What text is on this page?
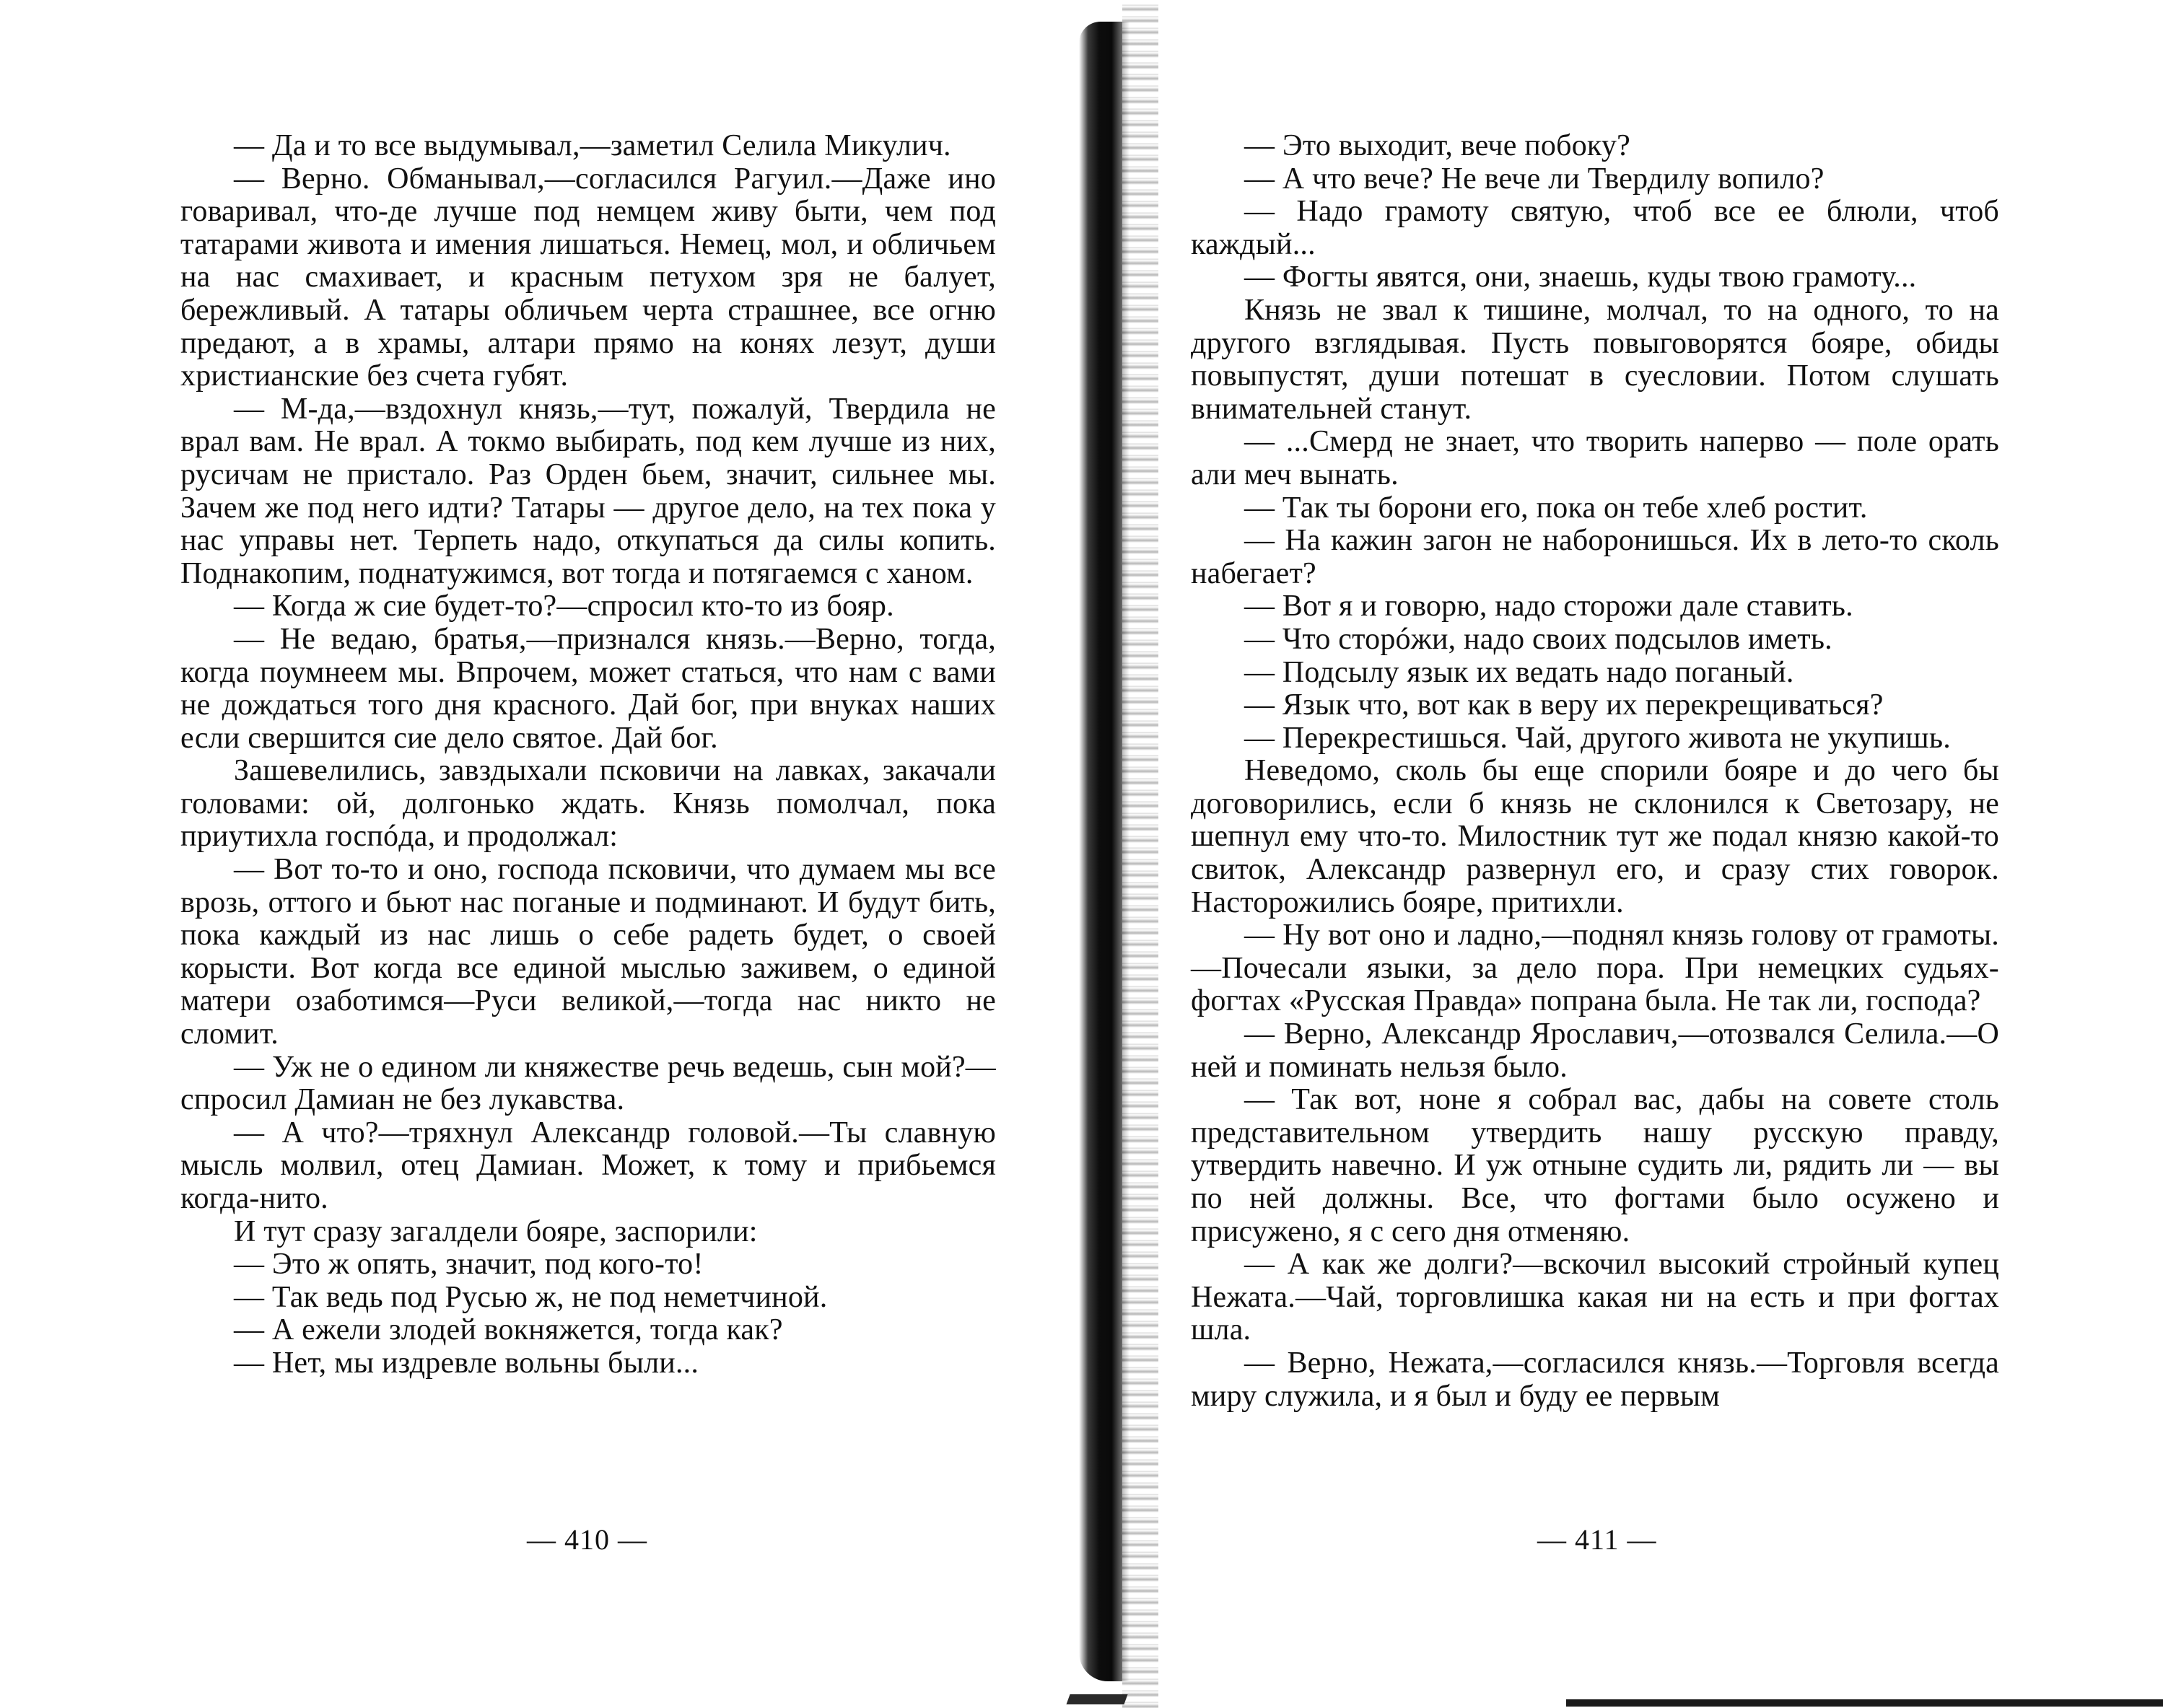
— Да и то все выдумывал,—заметил Селила Микулич.

— Верно. Обманывал,—согласился Рагуил.—Даже ино говаривал, что-де лучше под немцем живу быти, чем под татарами живота и имения лишаться. Немец, мол, и обличьем на нас смахивает, и красным петухом зря не балует, бережливый. А татары обличьем черта страшнее, все огню предают, а в храмы, алтари прямо на конях лезут, души христианские без счета губят.

— М-да,—вздохнул князь,—тут, пожалуй, Твердила не врал вам. Не врал. А токмо выбирать, под кем лучше из них, русичам не пристало. Раз Орден бьем, значит, сильнее мы. Зачем же под него идти? Татары — другое дело, на тех пока у нас управы нет. Терпеть надо, откупаться да силы копить. Поднакопим, поднатужимся, вот тогда и потягаемся с ханом.

— Когда ж сие будет-то?—спросил кто-то из бояр.

— Не ведаю, братья,—признался князь.—Верно, тогда, когда поумнеем мы. Впрочем, может статься, что нам с вами не дождаться того дня красного. Дай бог, при внуках наших если свершится сие дело святое. Дай бог.

Зашевелились, завздыхали псковичи на лавках, закачали головами: ой, долгонько ждать. Князь помолчал, пока приутихла госпóда, и продолжал:

— Вот то-то и оно, господа псковичи, что думаем мы все врозь, оттого и бьют нас поганые и подминают. И будут бить, пока каждый из нас лишь о себе радеть будет, о своей корысти. Вот когда все единой мыслью заживем, о единой матери озаботимся—Руси великой,—тогда нас никто не сломит.

— Уж не о едином ли княжестве речь ведешь, сын мой?—спросил Дамиан не без лукавства.

— А что?—тряхнул Александр головой.—Ты славную мысль молвил, отец Дамиан. Может, к тому и прибьемся когда-нито.

И тут сразу загалдели бояре, заспорили:

— Это ж опять, значит, под кого-то!

— Так ведь под Русью ж, не под неметчиной.

— А ежели злодей вокняжется, тогда как?

— Нет, мы издревле вольны были...

— 410 —

— Это выходит, вече побоку?

— А что вече? Не вече ли Твердилу вопило?

— Надо грамоту святую, чтоб все ее блюли, чтоб каждый...

— Фогты явятся, они, знаешь, куды твою грамоту...

Князь не звал к тишине, молчал, то на одного, то на другого взглядывая. Пусть повыговорятся бояре, обиды повыпустят, души потешат в суесловии. Потом слушать внимательней станут.

— ...Смерд не знает, что творить наперво — поле орать али меч вынать.

— Так ты борони его, пока он тебе хлеб ростит.

— На кажин загон не наборонишься. Их в лето-то сколь набегает?

— Вот я и говорю, надо сторожи дале ставить.

— Что сторóжи, надо своих подсылов иметь.

— Подсылу язык их ведать надо поганый.

— Язык что, вот как в веру их перекрещиваться?

— Перекрестишься. Чай, другого живота не укупишь.

Неведомо, сколь бы еще спорили бояре и до чего бы договорились, если б князь не склонился к Светозару, не шепнул ему что-то. Милостник тут же подал князю какой-то свиток, Александр развернул его, и сразу стих говорок. Насторожились бояре, притихли.

— Ну вот оно и ладно,—поднял князь голову от грамоты.—Почесали языки, за дело пора. При немецких судьях-фогтах «Русская Правда» попрана была. Не так ли, господа?

— Верно, Александр Ярославич,—отозвался Селила.—О ней и поминать нельзя было.

— Так вот, ноне я собрал вас, дабы на совете столь представительном утвердить нашу русскую правду, утвердить навечно. И уж отныне судить ли, рядить ли — вы по ней должны. Все, что фогтами было осужено и присужено, я с сего дня отменяю.

— А как же долги?—вскочил высокий стройный купец Нежата.—Чай, торговлишка какая ни на есть и при фогтах шла.

— Верно, Нежата,—согласился князь.—Торговля всегда миру служила, и я был и буду ее первым

— 411 —
